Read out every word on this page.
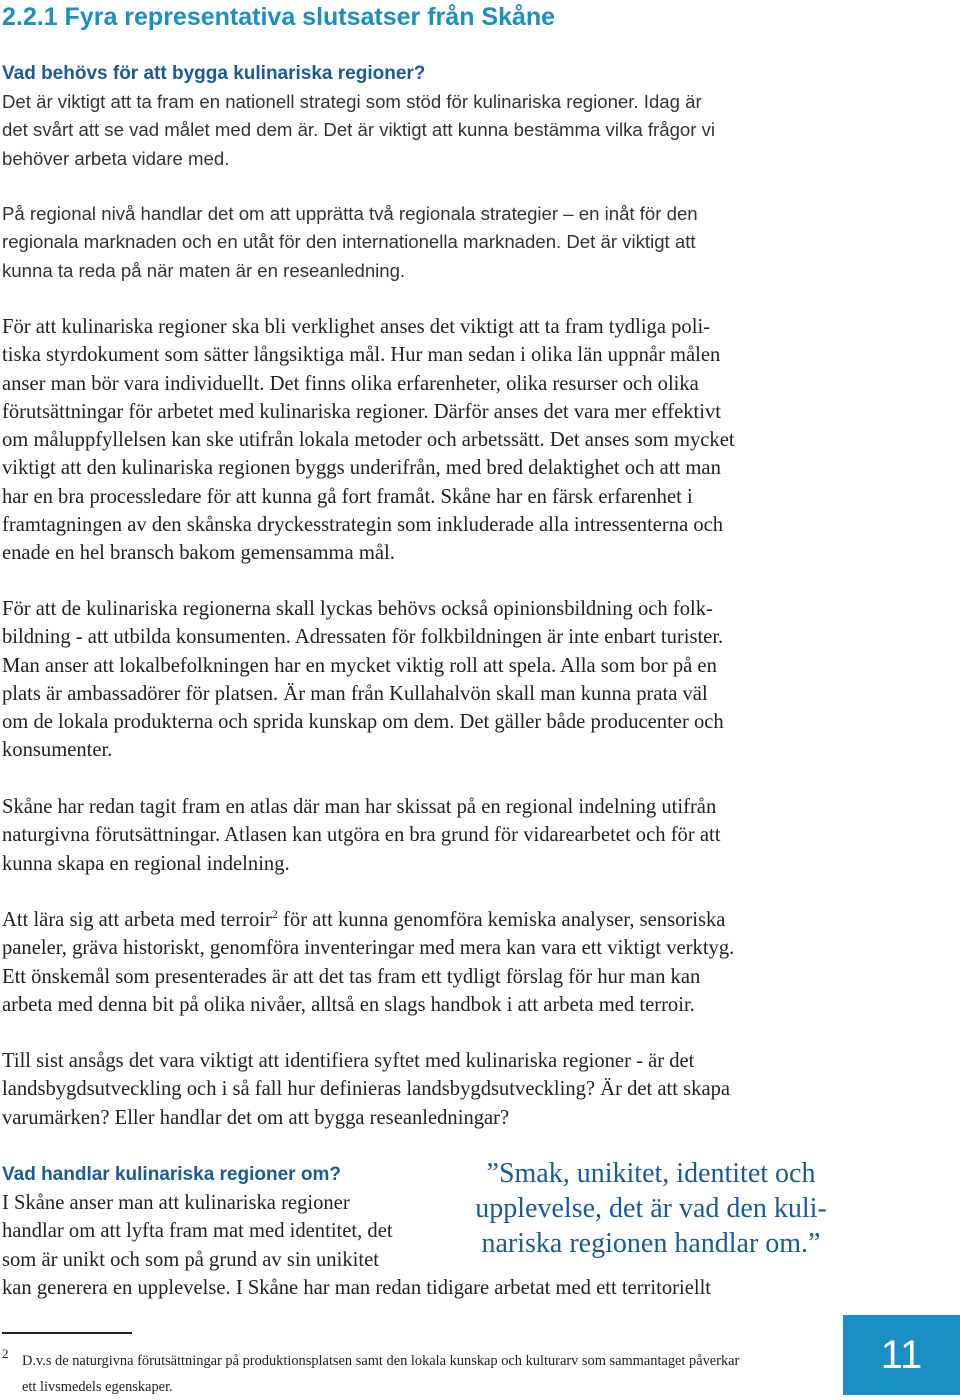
2.2.1 Fyra representativa slutsatser från Skåne
Vad behövs för att bygga kulinariska regioner?

Det är viktigt att ta fram en nationell strategi som stöd för kulinariska regioner. Idag är
det svårt att se vad målet med dem är. Det är viktigt att kunna bestämma vilka frågor vi
behöver arbeta vidare med.

På regional nivå handlar det om att upprätta två regionala strategier – en inåt för den
regionala marknaden och en utåt för den internationella marknaden. Det är viktigt att
kunna ta reda på när maten är en reseanledning.

För att kulinariska regioner ska bli verklighet anses det viktigt att ta fram tydliga poli-
tiska styrdokument som sätter långsiktiga mål. Hur man sedan i olika län uppnår målen
anser man bör vara individuellt. Det finns olika erfarenheter, olika resurser och olika
förutsättningar för arbetet med kulinariska regioner. Därför anses det vara mer effektivt
om måluppfyllelsen kan ske utifrån lokala metoder och arbetssätt. Det anses som mycket
viktigt att den kulinariska regionen byggs underifrån, med bred delaktighet och att man
har en bra processledare för att kunna gå fort framåt. Skåne har en färsk erfarenhet i
framtagningen av den skånska dryckesstrategin som inkluderade alla intressenterna och
enade en hel bransch bakom gemensamma mål.

För att de kulinariska regionerna skall lyckas behövs också opinionsbildning och folk-
bildning - att utbilda konsumenten. Adressaten för folkbildningen är inte enbart turister.
Man anser att lokalbefolkningen har en mycket viktig roll att spela. Alla som bor på en
plats är ambassadörer för platsen. Är man från Kullahalvön skall man kunna prata väl
om de lokala produkterna och sprida kunskap om dem. Det gäller både producenter och
konsumenter.

Skåne har redan tagit fram en atlas där man har skissat på en regional indelning utifrån
naturgivna förutsättningar. Atlasen kan utgöra en bra grund för vidarearbetet och för att
kunna skapa en regional indelning.

Att lära sig att arbeta med terroir$^2$ för att kunna genomföra kemiska analyser, sensoriska
paneler, gräva historiskt, genomföra inventeringar med mera kan vara ett viktigt verktyg.
Ett önskemål som presenterades är att det tas fram ett tydligt förslag för hur man kan
arbeta med denna bit på olika nivåer, alltså en slags handbok i att arbeta med terroir.

Till sist ansågs det vara viktigt att identifiera syftet med kulinariska regioner - är det
landsbygdsutveckling och i så fall hur definieras landsbygdsutveckling? Är det att skapa
varumärken? Eller handlar det om att bygga reseanledningar?

Vad handlar kulinariska regioner om?

I Skåne anser man att kulinariska regioner
handlar om att lyfta fram mat med identitet, det
som är unikt och som på grund av sin unikitet
kan generera en upplevelse. I Skåne har man redan tidigare arbetat med ett territoriellt

”Smak, unikitet, identitet och
upplevelse, det är vad den kuli-
nariska regionen handlar om.”

2 D.v.s de naturgivna förutsättningar på produktionsplatsen samt den lokala kunskap och kulturarv som sammantaget påverkar
ett livsmedels egenskaper.

11
